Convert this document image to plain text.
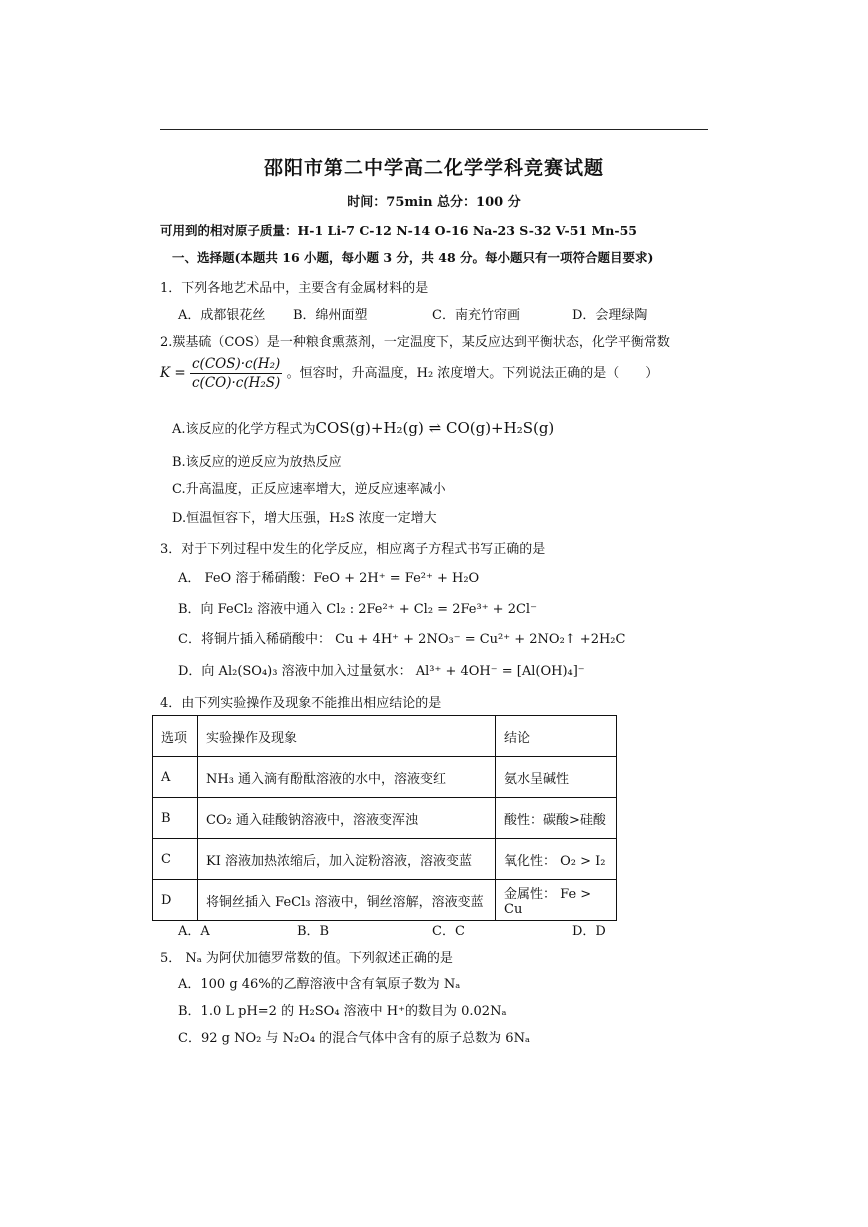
邵阳市第二中学高二化学学科竞赛试题
时间：75min 总分：100 分
可用到的相对原子质量：H-1 Li-7 C-12 N-14 O-16 Na-23 S-32 V-51 Mn-55
一、选择题(本题共 16 小题，每小题 3 分，共 48 分。每小题只有一项符合题目要求)
1．下列各地艺术品中，主要含有金属材料的是
A．成都银花丝 B．绵州面塑	C．南充竹帘画	D．会理绿陶
2.羰基硫（COS）是一种粮食熏蒸剂，一定温度下，某反应达到平衡状态，化学平衡常数
$K = \frac{\text{c(COS)·c(H₂)}}{\text{c(CO)·c(H₂S)}}$ 。恒容时，升高温度，H₂ 浓度增大。下列说法正确的是（　　）
A.该反应的化学方程式为COS(g)+H₂(g) ⇌ CO(g)+H₂S(g)
B.该反应的逆反应为放热反应
C.升高温度，正反应速率增大，逆反应速率减小
D.恒温恒容下，增大压强，H₂S 浓度一定增大
3．对于下列过程中发生的化学反应，相应离子方程式书写正确的是
A． FeO 溶于稀硝酸：FeO + 2H⁺ = Fe²⁺ + H₂O
B．向 FeCl₂ 溶液中通入 Cl₂ : 2Fe²⁺ + Cl₂ = 2Fe³⁺ + 2Cl⁻
C．将铜片插入稀硝酸中： Cu + 4H⁺ + 2NO₃⁻ = Cu²⁺ + 2NO₂↑ +2H₂C
D．向 Al₂(SO₄)₃ 溶液中加入过量氨水： Al³⁺ + 4OH⁻ = [Al(OH)₄]⁻
4．由下列实验操作及现象不能推出相应结论的是
选项	实验操作及现象	结论
A	NH₃ 通入滴有酚酞溶液的水中，溶液变红	氨水呈碱性
B	CO₂ 通入硅酸钠溶液中，溶液变浑浊	酸性：碳酸>硅酸
C	KI 溶液加热浓缩后，加入淀粉溶液，溶液变蓝	氧化性： O₂ > I₂
D	将铜丝插入 FeCl₃ 溶液中，铜丝溶解，溶液变蓝	金属性： Fe > Cu
A．A	B．B	C．C	D．D
5． Nₐ 为阿伏加德罗常数的值。下列叙述正确的是
A．100 g 46%的乙醇溶液中含有氧原子数为 Nₐ
B．1.0 L pH=2 的 H₂SO₄ 溶液中 H⁺的数目为 0.02Nₐ
C．92 g NO₂ 与 N₂O₄ 的混合气体中含有的原子总数为 6Nₐ
